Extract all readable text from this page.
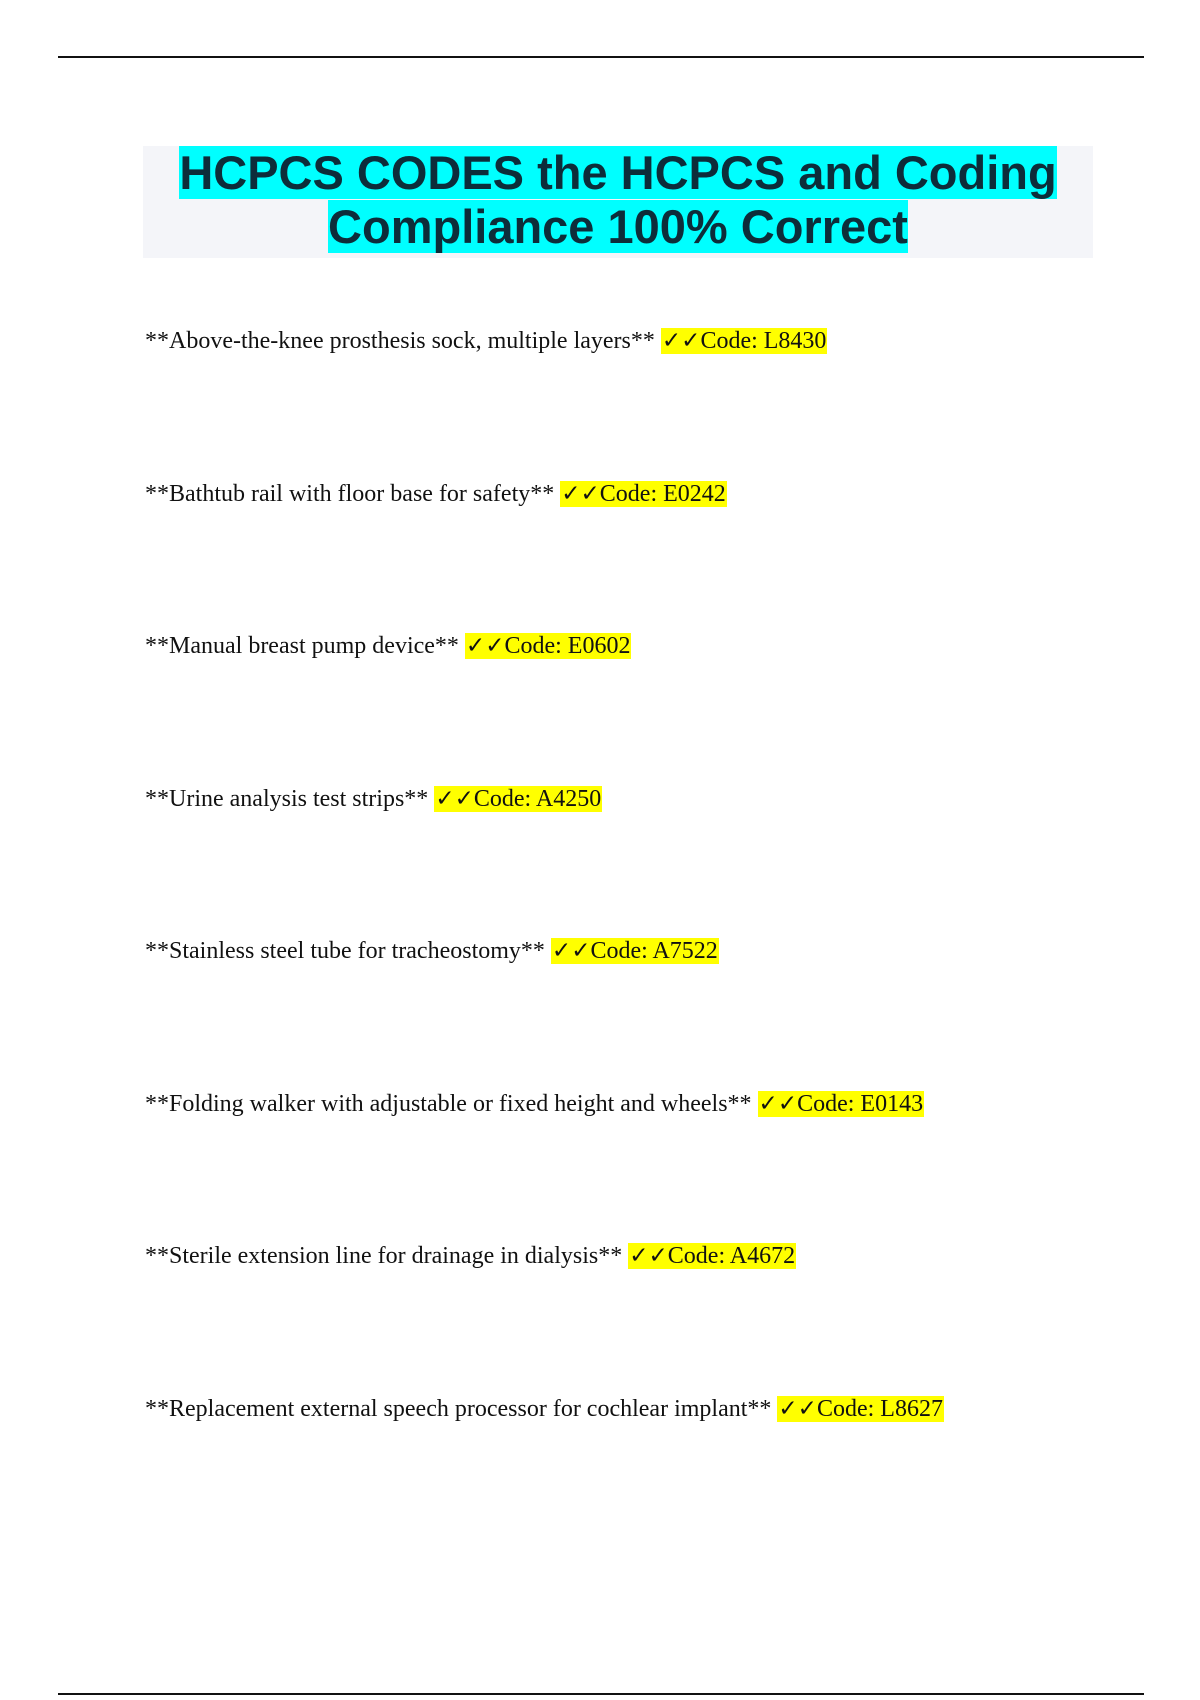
HCPCS CODES the HCPCS and Coding
Compliance 100% Correct
**Above-the-knee prosthesis sock, multiple layers** ✓✓Code: L8430
**Bathtub rail with floor base for safety** ✓✓Code: E0242
**Manual breast pump device** ✓✓Code: E0602
**Urine analysis test strips** ✓✓Code: A4250
**Stainless steel tube for tracheostomy** ✓✓Code: A7522
**Folding walker with adjustable or fixed height and wheels** ✓✓Code: E0143
**Sterile extension line for drainage in dialysis** ✓✓Code: A4672
**Replacement external speech processor for cochlear implant** ✓✓Code: L8627
